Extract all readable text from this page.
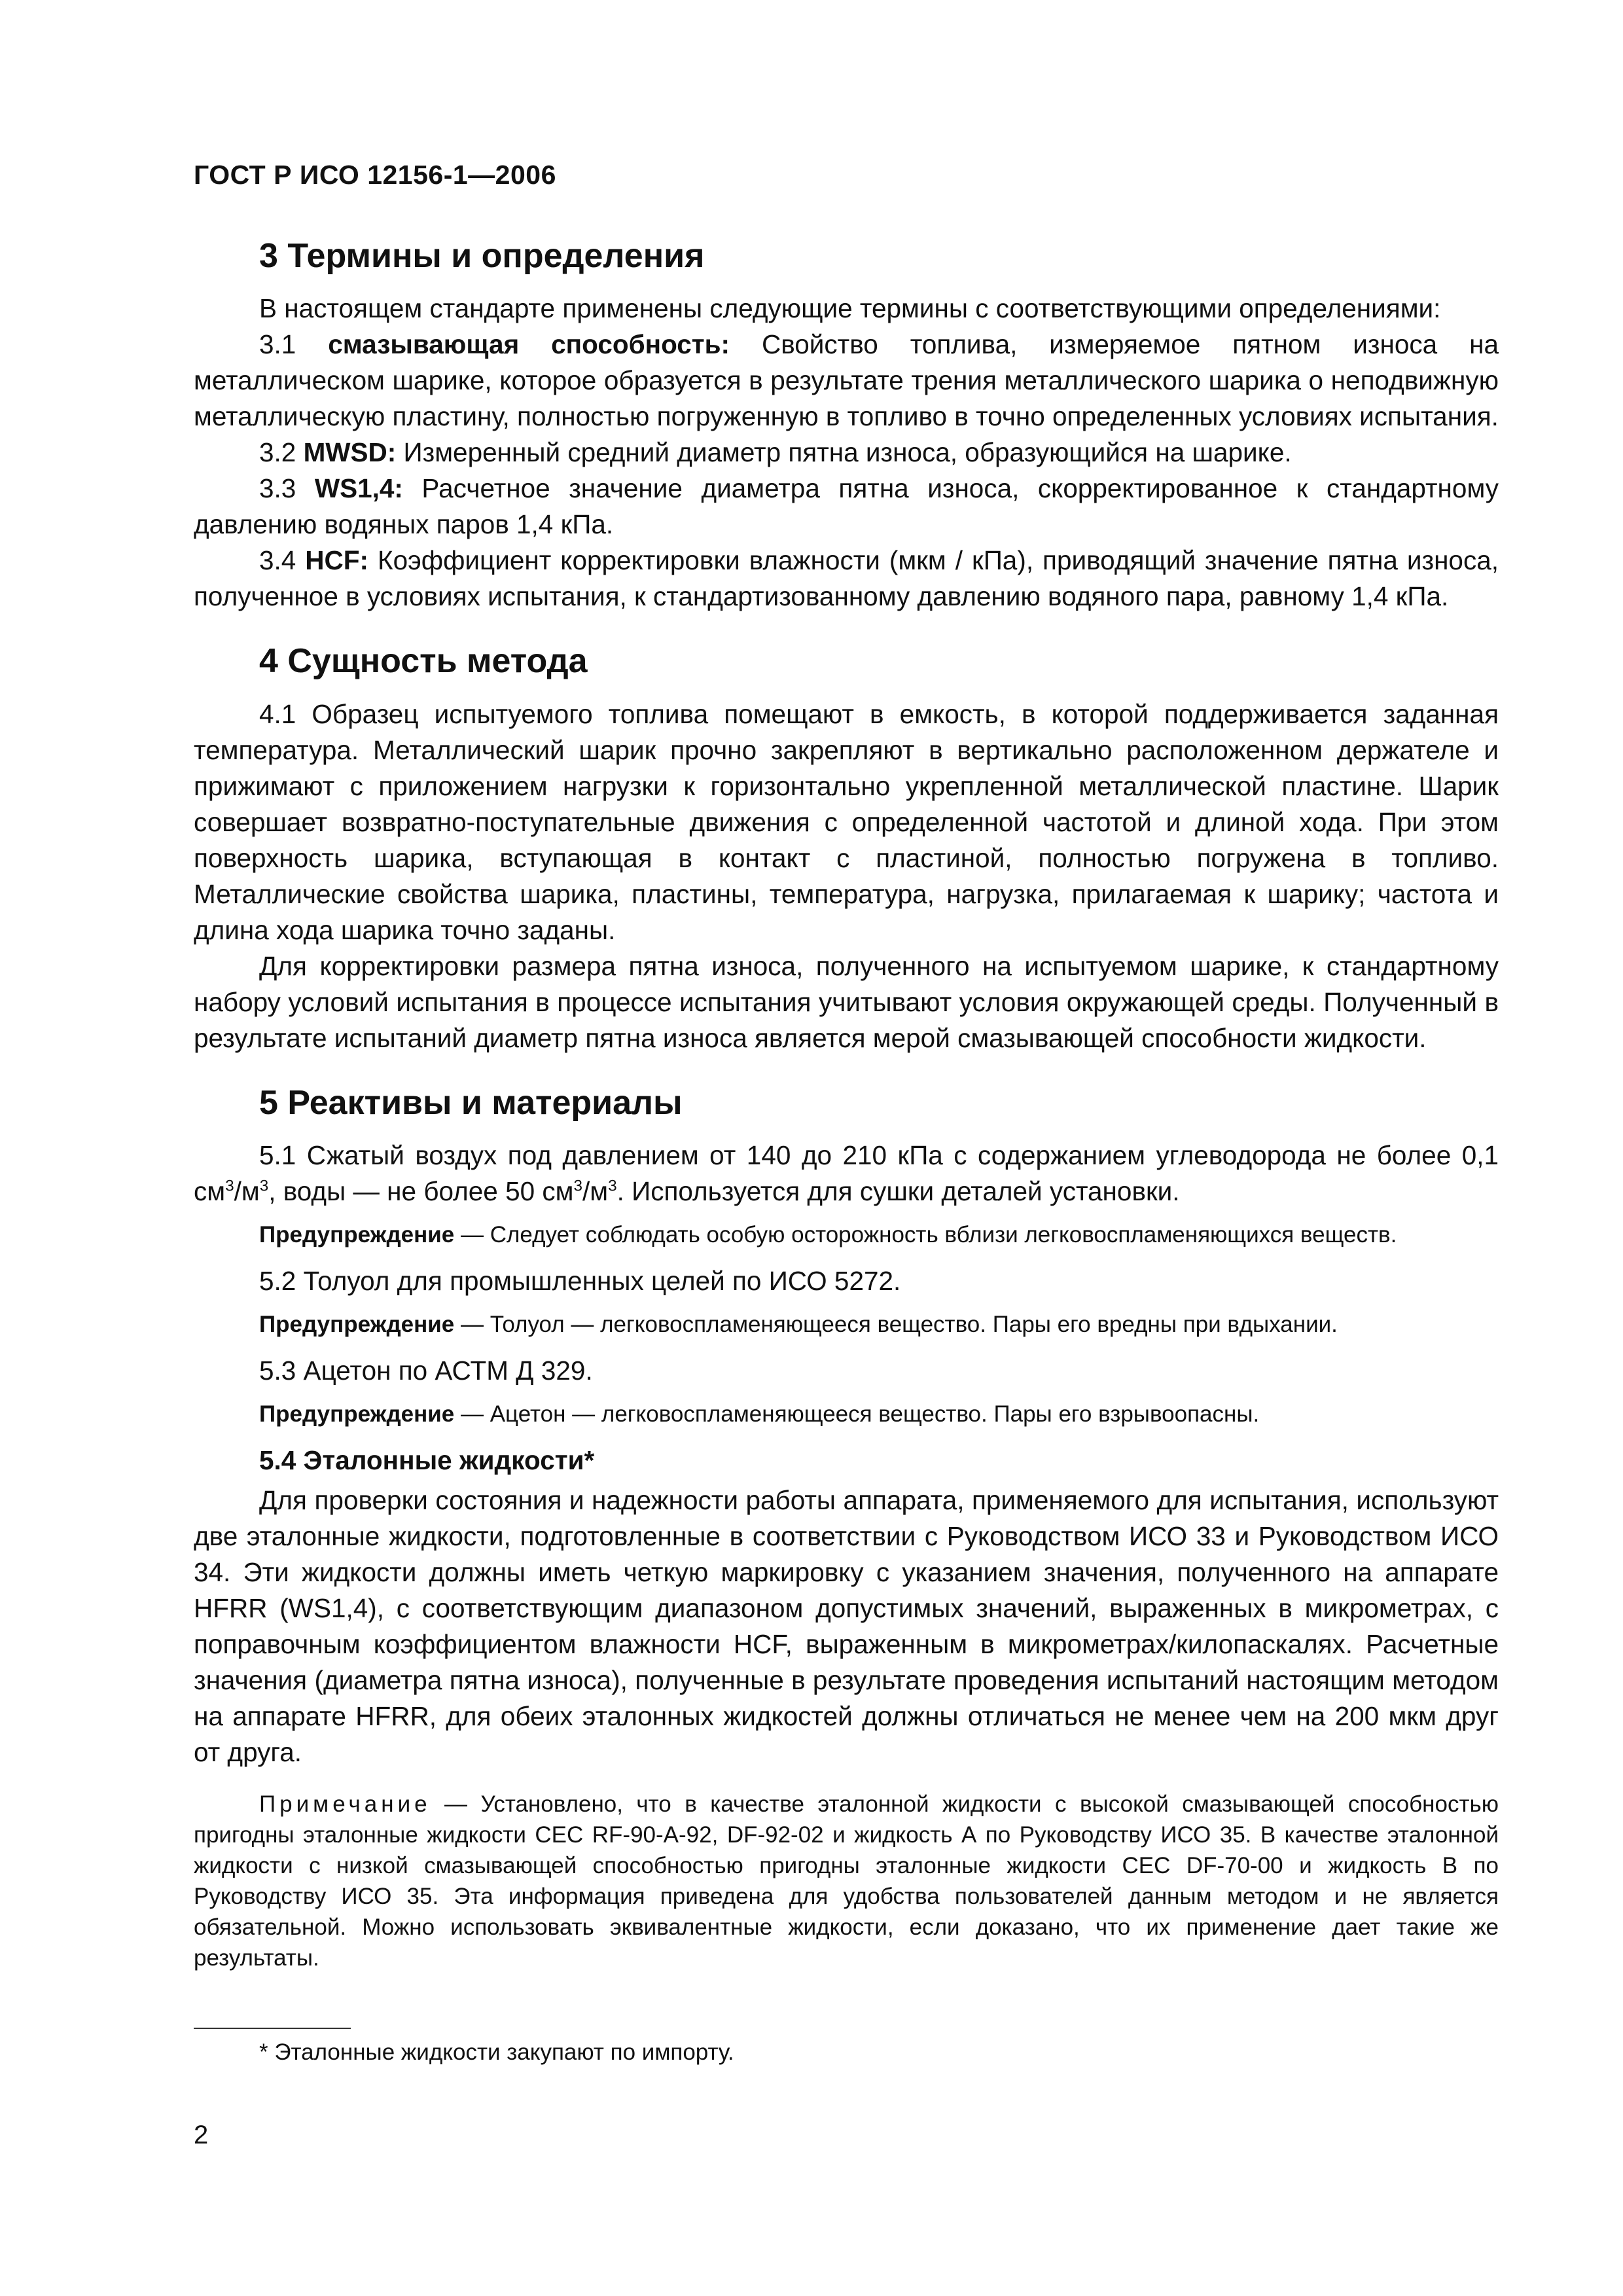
ГОСТ Р ИСО 12156-1—2006
3 Термины и определения

В настоящем стандарте применены следующие термины с соответствующими определениями:

3.1 смазывающая способность: Свойство топлива, измеряемое пятном износа на металлическом шарике, которое образуется в результате трения металлического шарика о неподвижную металлическую пластину, полностью погруженную в топливо в точно определенных условиях испытания.

3.2 MWSD: Измеренный средний диаметр пятна износа, образующийся на шарике.

3.3 WS1,4: Расчетное значение диаметра пятна износа, скорректированное к стандартному давлению водяных паров 1,4 кПа.

3.4 HCF: Коэффициент корректировки влажности (мкм / кПа), приводящий значение пятна износа, полученное в условиях испытания, к стандартизованному давлению водяного пара, равному 1,4 кПа.

4 Сущность метода

4.1 Образец испытуемого топлива помещают в емкость, в которой поддерживается заданная температура. Металлический шарик прочно закрепляют в вертикально расположенном держателе и прижимают с приложением нагрузки к горизонтально укрепленной металлической пластине. Шарик совершает возвратно-поступательные движения с определенной частотой и длиной хода. При этом поверхность шарика, вступающая в контакт с пластиной, полностью погружена в топливо. Металлические свойства шарика, пластины, температура, нагрузка, прилагаемая к шарику; частота и длина хода шарика точно заданы.

Для корректировки размера пятна износа, полученного на испытуемом шарике, к стандартному набору условий испытания в процессе испытания учитывают условия окружающей среды. Полученный в результате испытаний диаметр пятна износа является мерой смазывающей способности жидкости.

5 Реактивы и материалы

5.1 Сжатый воздух под давлением от 140 до 210 кПа с содержанием углеводорода не более 0,1 $см^3/м^3$, воды — не более 50 $см^3/м^3$. Используется для сушки деталей установки.

Предупреждение — Следует соблюдать особую осторожность вблизи легковоспламеняющихся веществ.

5.2 Толуол для промышленных целей по ИСО 5272.

Предупреждение — Толуол — легковоспламеняющееся вещество. Пары его вредны при вдыхании.

5.3 Ацетон по АСТМ Д 329.

Предупреждение — Ацетон — легковоспламеняющееся вещество. Пары его взрывоопасны.

5.4 Эталонные жидкости*

Для проверки состояния и надежности работы аппарата, применяемого для испытания, используют две эталонные жидкости, подготовленные в соответствии с Руководством ИСО 33 и Руководством ИСО 34. Эти жидкости должны иметь четкую маркировку с указанием значения, полученного на аппарате HFRR (WS1,4), с соответствующим диапазоном допустимых значений, выраженных в микрометрах, с поправочным коэффициентом влажности HCF, выраженным в микрометрах/килопаскалях. Расчетные значения (диаметра пятна износа), полученные в результате проведения испытаний настоящим методом на аппарате HFRR, для обеих эталонных жидкостей должны отличаться не менее чем на 200 мкм друг от друга.

Примечание — Установлено, что в качестве эталонной жидкости с высокой смазывающей способностью пригодны эталонные жидкости CEC RF-90-A-92, DF-92-02 и жидкость А по Руководству ИСО 35. В качестве эталонной жидкости с низкой смазывающей способностью пригодны эталонные жидкости CEC DF-70-00 и жидкость В по Руководству ИСО 35. Эта информация приведена для удобства пользователей данным методом и не является обязательной. Можно использовать эквивалентные жидкости, если доказано, что их применение дает такие же результаты.

* Эталонные жидкости закупают по импорту.
2
